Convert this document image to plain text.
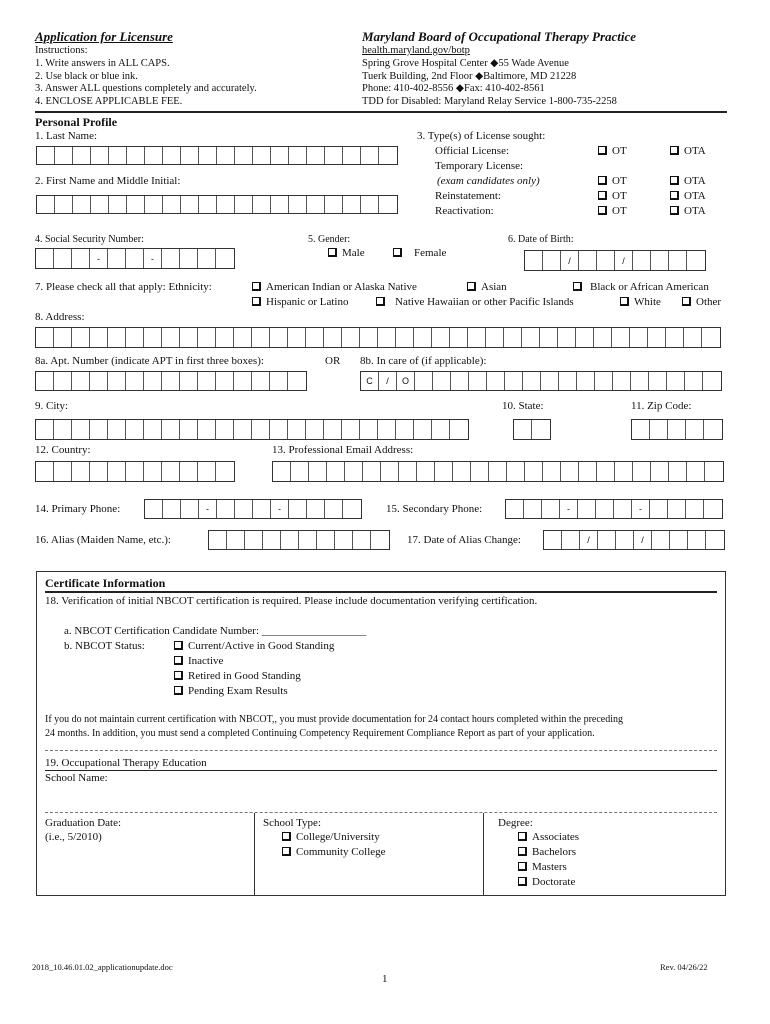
Application for Licensure
Instructions:
1. Write answers in ALL CAPS.
2. Use black or blue ink.
3. Answer ALL questions completely and accurately.
4. ENCLOSE APPLICABLE FEE.
Maryland Board of Occupational Therapy Practice
health.maryland.gov/botp
Spring Grove Hospital Center ◆55 Wade Avenue
Tuerk Building, 2nd Floor ◆Baltimore, MD 21228
Phone: 410-402-8556 ◆Fax: 410-402-8561
TDD for Disabled: Maryland Relay Service 1-800-735-2258
Personal Profile
1. Last Name:
2. First Name and Middle Initial:
3. Type(s) of License sought:
Official License:	OT	OTA
Temporary License:
(exam candidates only)	OT	OTA
Reinstatement:	OT	OTA
Reactivation:	OT	OTA
4. Social Security Number:
-	-
5. Gender:
Male	Female
6. Date of Birth:
/	/
7. Please check all that apply: Ethnicity:	American Indian or Alaska Native	Asian	Black or African American
Hispanic or Latino	Native Hawaiian or other Pacific Islands	White	Other
8. Address:
8a. Apt. Number (indicate APT in first three boxes):	OR 8b. In care of (if applicable):
C	/	O
9. City:	10. State:	11. Zip Code:
12. Country:	13. Professional Email Address:
14. Primary Phone:	-	-	15. Secondary Phone:	-	-
16. Alias (Maiden Name, etc.):	17. Date of Alias Change:	/	/
Certificate Information
18. Verification of initial NBCOT certification is required. Please include documentation verifying certification.
a. NBCOT Certification Candidate Number: ___________________
b. NBCOT Status:	Current/Active in Good Standing
Inactive
Retired in Good Standing
Pending Exam Results
If you do not maintain current certification with NBCOT,, you must provide documentation for 24 contact hours completed within the preceding
24 months. In addition, you must send a completed Continuing Competency Requirement Compliance Report as part of your application.
19. Occupational Therapy Education
School Name:
Graduation Date:
(i.e., 5/2010)
School Type:
College/University
Community College
Degree:
Associates
Bachelors
Masters
Doctorate
2018_10.46.01.02_applicationupdate.doc	Rev. 04/26/22
1
